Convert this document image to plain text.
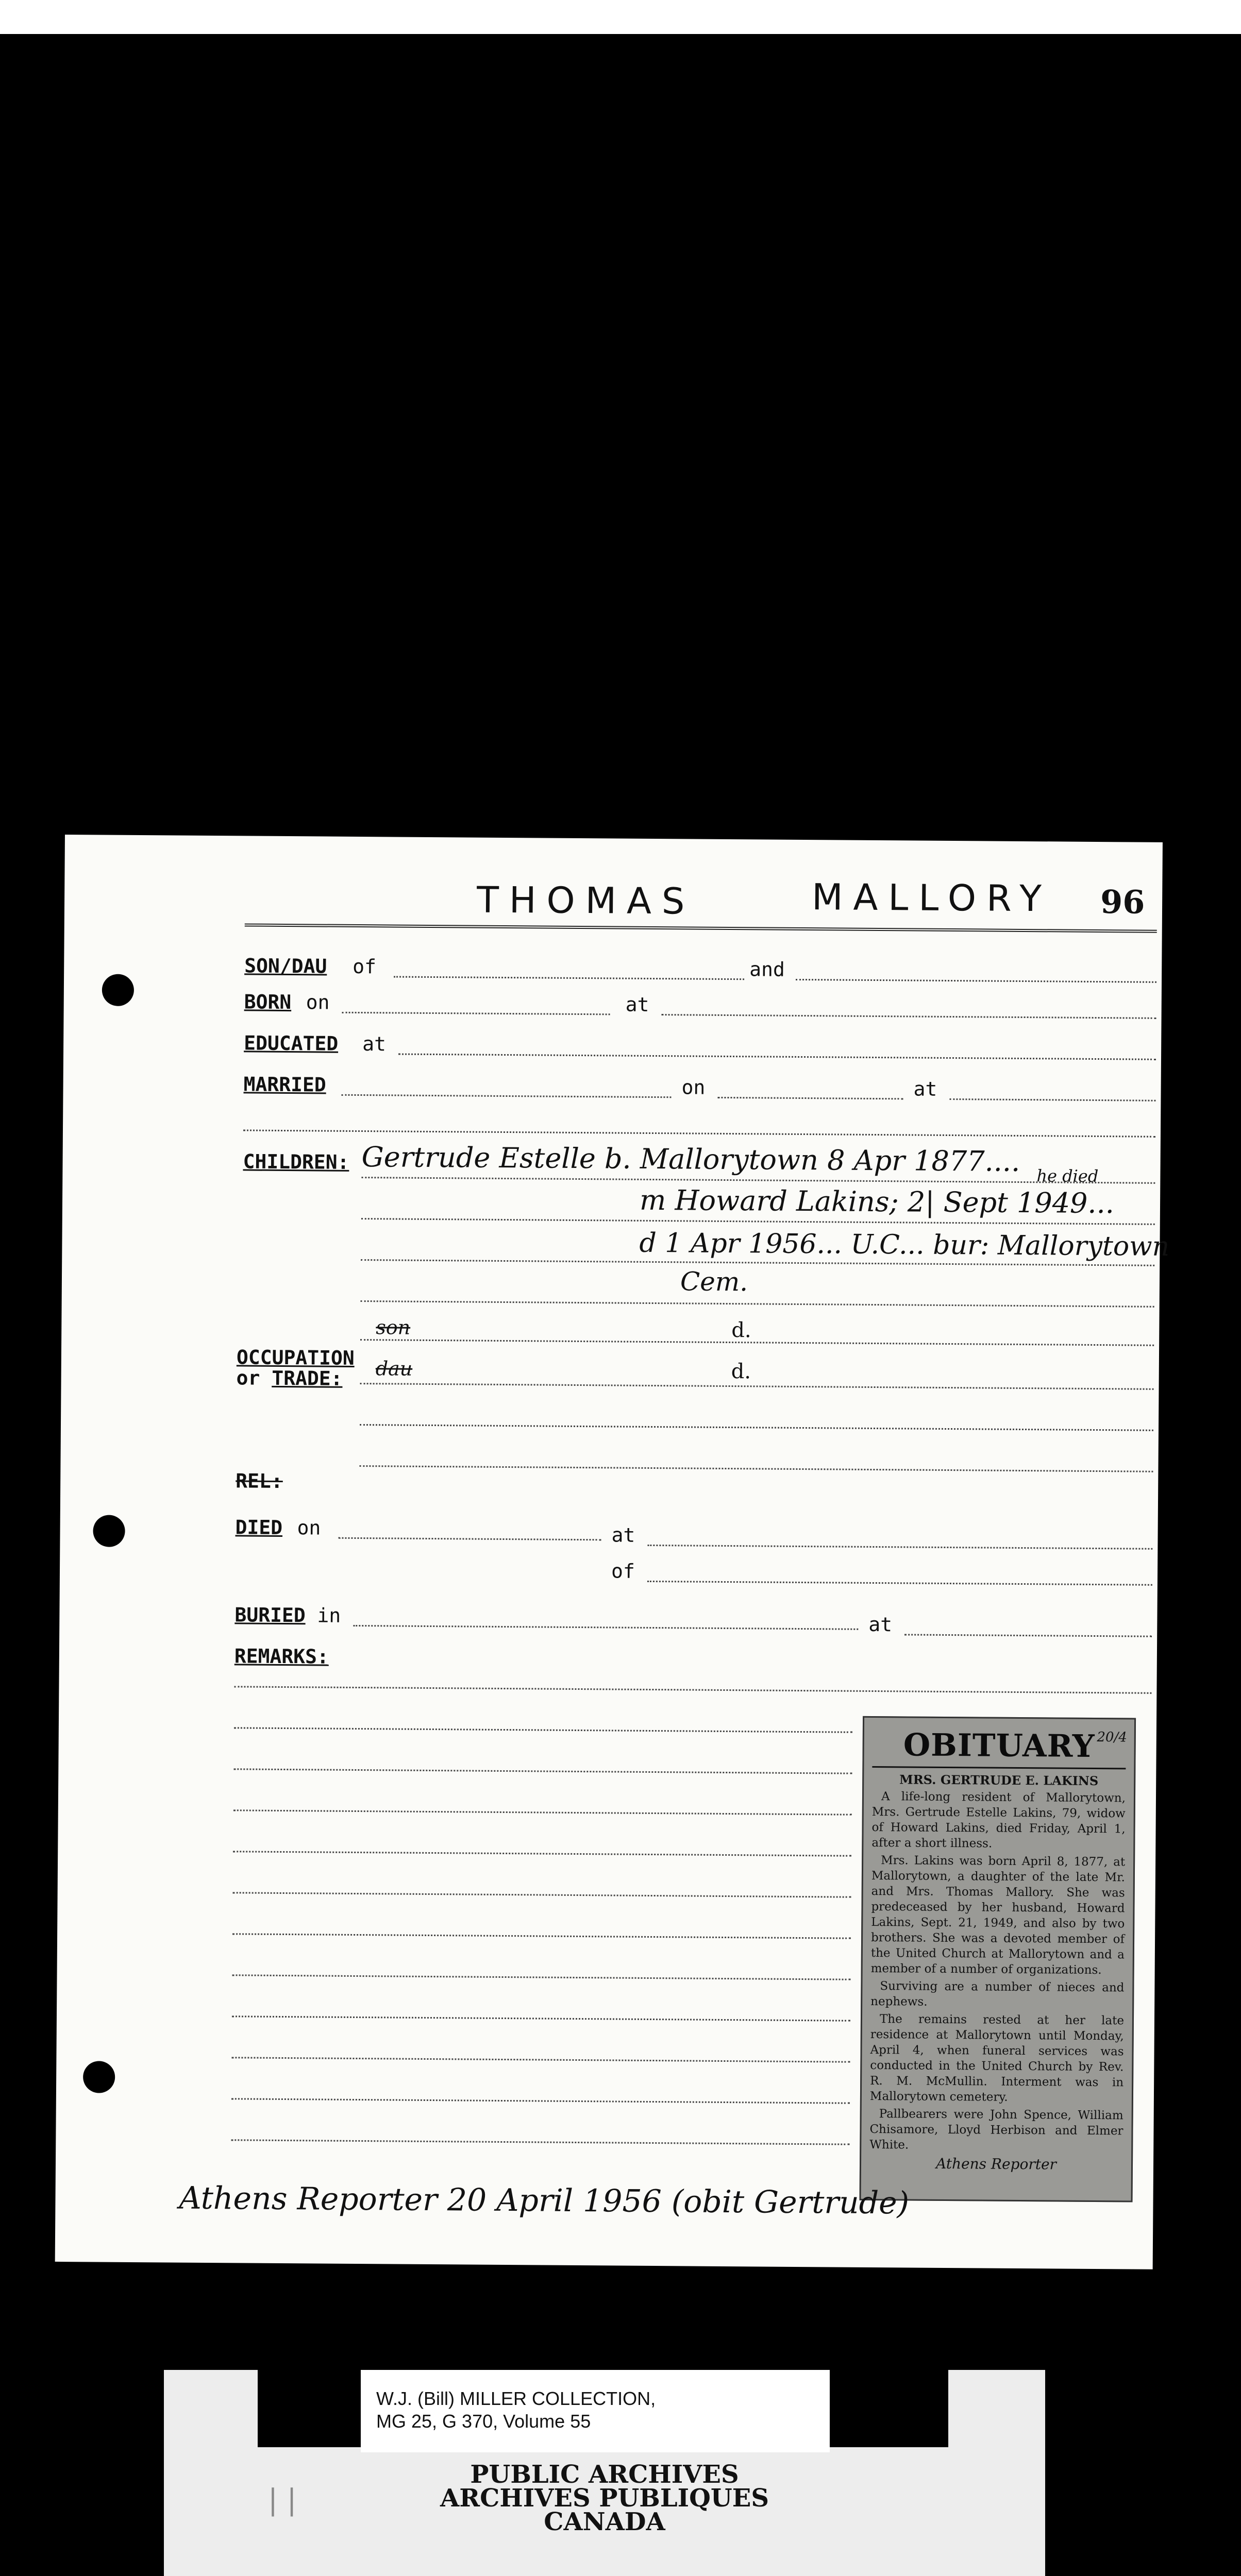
THOMAS	MALLORY 96
SON/DAU of	and
BORN on	at
EDUCATED at
MARRIED	on	at
CHILDREN: Gertrude Estelle b. Mallorytown 8 Apr 1877.... he died
m Howard Lakins; 2| Sept 1949...
d 1 Apr 1956... U.C... bur: Mallorytown
Cem.
son	d.
OCCUPATION
or TRADE: dau	d.
REL:
DIED on	at
of
BURIED in	at
REMARKS:
20/4
OBITUARY
MRS. GERTRUDE E. LAKINS

A life-long resident of Mallorytown, Mrs. Gertrude Estelle Lakins, 79, widow of Howard Lakins, died Friday, April 1, after a short illness.

Mrs. Lakins was born April 8, 1877, at Mallorytown, a daughter of the late Mr. and Mrs. Thomas Mallory. She was predeceased by her husband, Howard Lakins, Sept. 21, 1949, and also by two brothers. She was a devoted member of the United Church at Mallorytown and a member of a number of organizations.

Surviving are a number of nieces and nephews.

The remains rested at her late residence at Mallorytown until Monday, April 4, when funeral services was conducted in the United Church by Rev. R. M. McMullin. Interment was in Mallorytown cemetery.

Pallbearers were John Spence, William Chisamore, Lloyd Herbison and Elmer White.

Athens Reporter
Athens Reporter 20 April 1956 (obit Gertrude)
W.J. (Bill) MILLER COLLECTION,
MG 25, G 370, Volume 55
| |
PUBLIC ARCHIVES
ARCHIVES PUBLIQUES
CANADA
